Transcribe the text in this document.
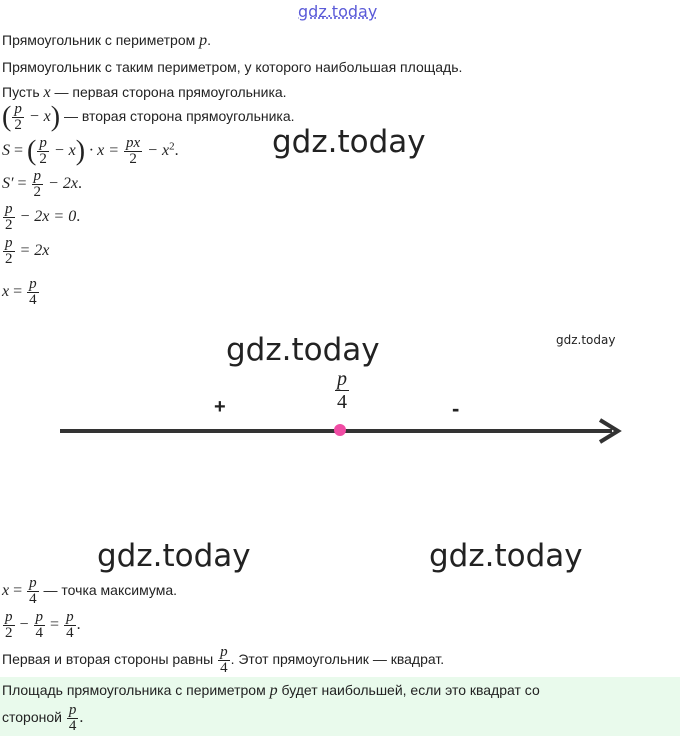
gdz.today
Прямоугольник с периметром p.
Прямоугольник с таким периметром, у которого наибольшая площадь.
Пусть x — первая сторона прямоугольника.
( $\frac{p}{2} - x$) — вторая сторона прямоугольника.
gdz.today
S = ( $\frac{p}{2} - x) \cdot x = \frac{px}{2} - x^2$.
$S' = \frac{p}{2} - 2x$.
$\frac{p}{2} - 2x = 0$.
$\frac{p}{2} = 2x$
$x = \frac{p}{4}$
gdz.today
gdz.today
$\frac{p}{4}$
+	-
gdz.today	gdz.today
$x = \frac{p}{4}$ — точка максимума.
$\frac{p}{2} - \frac{p}{4} = \frac{p}{4}$ .
Первая и вторая стороны равны $\frac{p}{4}$ . Этот прямоугольник — квадрат.
Площадь прямоугольника с периметром p будет наибольшей, если это квадрат со
стороной $\frac{p}{4}$ .
